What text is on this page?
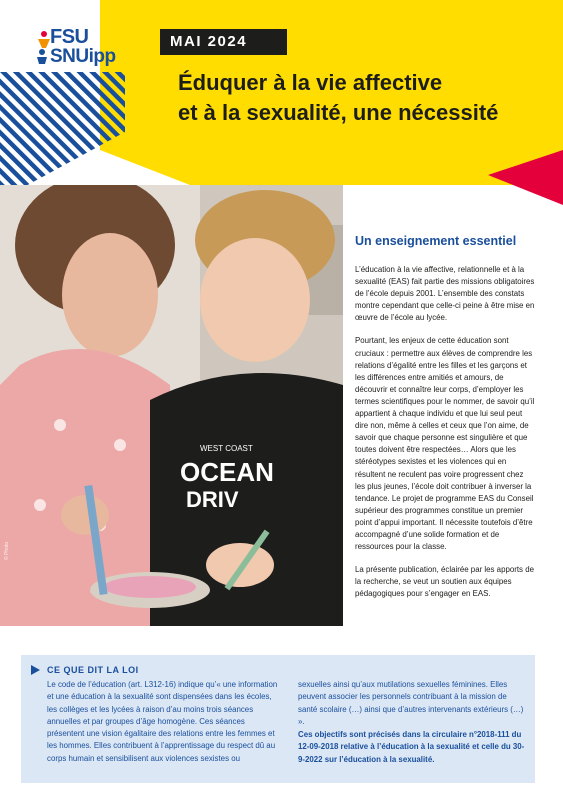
FSU
SNUipp
MAI 2024
Éduquer à la vie affective
et à la sexualité, une nécessité
WEST COAST
OCEAN
DRIV
© Photo
Un enseignement essentiel

L’éducation à la vie affective, relationnelle et à la sexualité (EAS) fait partie des missions obligatoires de l’école depuis 2001. L’ensemble des constats montre cependant que celle-ci peine à être mise en œuvre de l’école au lycée.

Pourtant, les enjeux de cette éducation sont cruciaux : permettre aux élèves de comprendre les relations d’égalité entre les filles et les garçons et les différences entre amitiés et amours, de découvrir et connaître leur corps, d’employer les termes scientifiques pour le nommer, de savoir qu’il appartient à chaque individu et que lui seul peut dire non, même à celles et ceux que l’on aime, de savoir que chaque personne est singulière et que toutes doivent être respectées… Alors que les stéréotypes sexistes et les violences qui en résultent ne reculent pas voire progressent chez les plus jeunes, l’école doit contribuer à inverser la tendance. Le projet de programme EAS du Conseil supérieur des programmes constitue un premier point d’appui important. Il nécessite toutefois d’être accompagné d’une solide formation et de ressources pour la classe.

La présente publication, éclairée par les apports de la recherche, se veut un soutien aux équipes pédagogiques pour s’engager en EAS.

CE QUE DIT LA LOI
Le code de l’éducation (art. L312-16) indique qu’« une information et une éducation à la sexualité sont dispensées dans les écoles, les collèges et les lycées à raison d’au moins trois séances annuelles et par groupes d’âge homogène. Ces séances présentent une vision égalitaire des relations entre les femmes et les hommes. Elles contribuent à l’apprentissage du respect dû au corps humain et sensibilisent aux violences sexistes ou
sexuelles ainsi qu’aux mutilations sexuelles féminines. Elles peuvent associer les personnels contribuant à la mission de santé scolaire (…) ainsi que d’autres intervenants extérieurs (…) ».
Ces objectifs sont précisés dans la circulaire n°2018-111 du 12-09-2018 relative à l’éducation à la sexualité et celle du 30-9-2022 sur l’éducation à la sexualité.
